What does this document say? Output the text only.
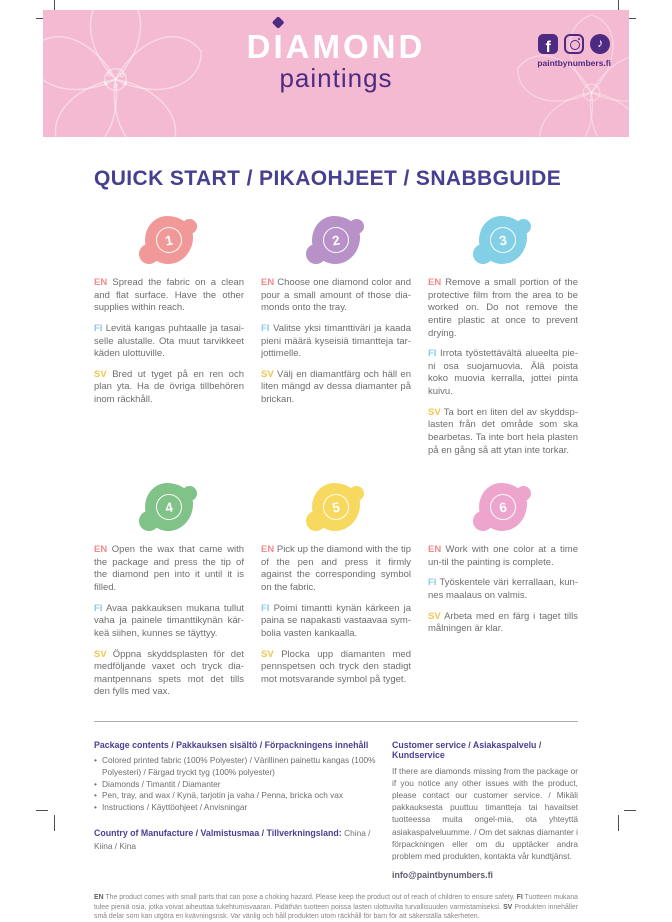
DIAMOND
paintings
f
♪	paintbynumbers.fi
QUICK START / PIKAOHJEET / SNABBGUIDE
1

EN Spread the fabric on a clean and flat surface. Have the other supplies within reach.

FI Levitä kangas puhtaalle ja tasai-selle alustalle. Ota muut tarvikkeet käden ulottuville.

SV Bred ut tyget på en ren och plan yta. Ha de övriga tillbehören inom räckhåll.

2

EN Choose one diamond color and pour a small amount of those dia-monds onto the tray.

FI Valitse yksi timanttiväri ja kaada pieni määrä kyseisiä timantteja tar-jottimelle.

SV Välj en diamantfärg och häll en liten mängd av dessa diamanter på brickan.

3

EN Remove a small portion of the protective film from the area to be worked on. Do not remove the entire plastic at once to prevent drying.

FI Irrota työstettävältä alueelta pie-ni osa suojamuovia. Älä poista koko muovia kerralla, jottei pinta kuivu.

SV Ta bort en liten del av skyddsp-lasten från det område som ska bearbetas. Ta inte bort hela plasten på en gång så att ytan inte torkar.

4

EN Open the wax that came with the package and press the tip of the diamond pen into it until it is filled.

FI Avaa pakkauksen mukana tullut vaha ja painele timanttikynän kär-keä siihen, kunnes se täyttyy.

SV Öppna skyddsplasten för det medföljande vaxet och tryck dia-mantpennans spets mot det tills den fylls med vax.

5

EN Pick up the diamond with the tip of the pen and press it firmly against the corresponding symbol on the fabric.

FI Poimi timantti kynän kärkeen ja paina se napakasti vastaavaa sym-bolia vasten kankaalla.

SV Plocka upp diamanten med pennspetsen och tryck den stadigt mot motsvarande symbol på tyget.

6

EN Work with one color at a time un-til the painting is complete.

FI Työskentele väri kerrallaan, kun-nes maalaus on valmis.

SV Arbeta med en färg i taget tills målningen är klar.

Package contents / Pakkauksen sisältö / Förpackningens innehåll
• Colored printed fabric (100% Polyester) / Värillinen painettu kangas (100% Polyesteri) / Färgad tryckt tyg (100% polyester)
• Diamonds / Timantit / Diamanter
• Pen, tray, and wax / Kynä, tarjotin ja vaha / Penna, bricka och vax
• Instructions / Käyttöohjeet / Anvisningar

Country of Manufacture / Valmistusmaa / Tillverkningsland: China / Kiina / Kina

Customer service / Asiakaspalvelu / Kundservice

If there are diamonds missing from the package or if you notice any other issues with the product, please contact our customer service. / Mikäli pakkauksesta puuttuu timantteja tai havaitset tuotteessa muita ongel-mia, ota yhteyttä asiakaspalveluumme. / Om det saknas diamanter i förpackningen eller om du upptäcker andra problem med produkten, kontakta vår kundtjänst.

info@paintbynumbers.fi

EN The product comes with small parts that can pose a choking hazard. Please keep the product out of reach of children to ensure safety. FI Tuotteen mukana tulee pieniä osia, jotka voivat aiheuttaa tukehtumisvaaran. Pidäthän tuotteen poissa lasten ulottuvilta turvallisuuden varmistamiseksi. SV Produkten innehåller små delar som kan utgöra en kvävningsrisk. Var vänlig och håll produkten utom räckhåll för barn för att säkerställa säkerheten.
